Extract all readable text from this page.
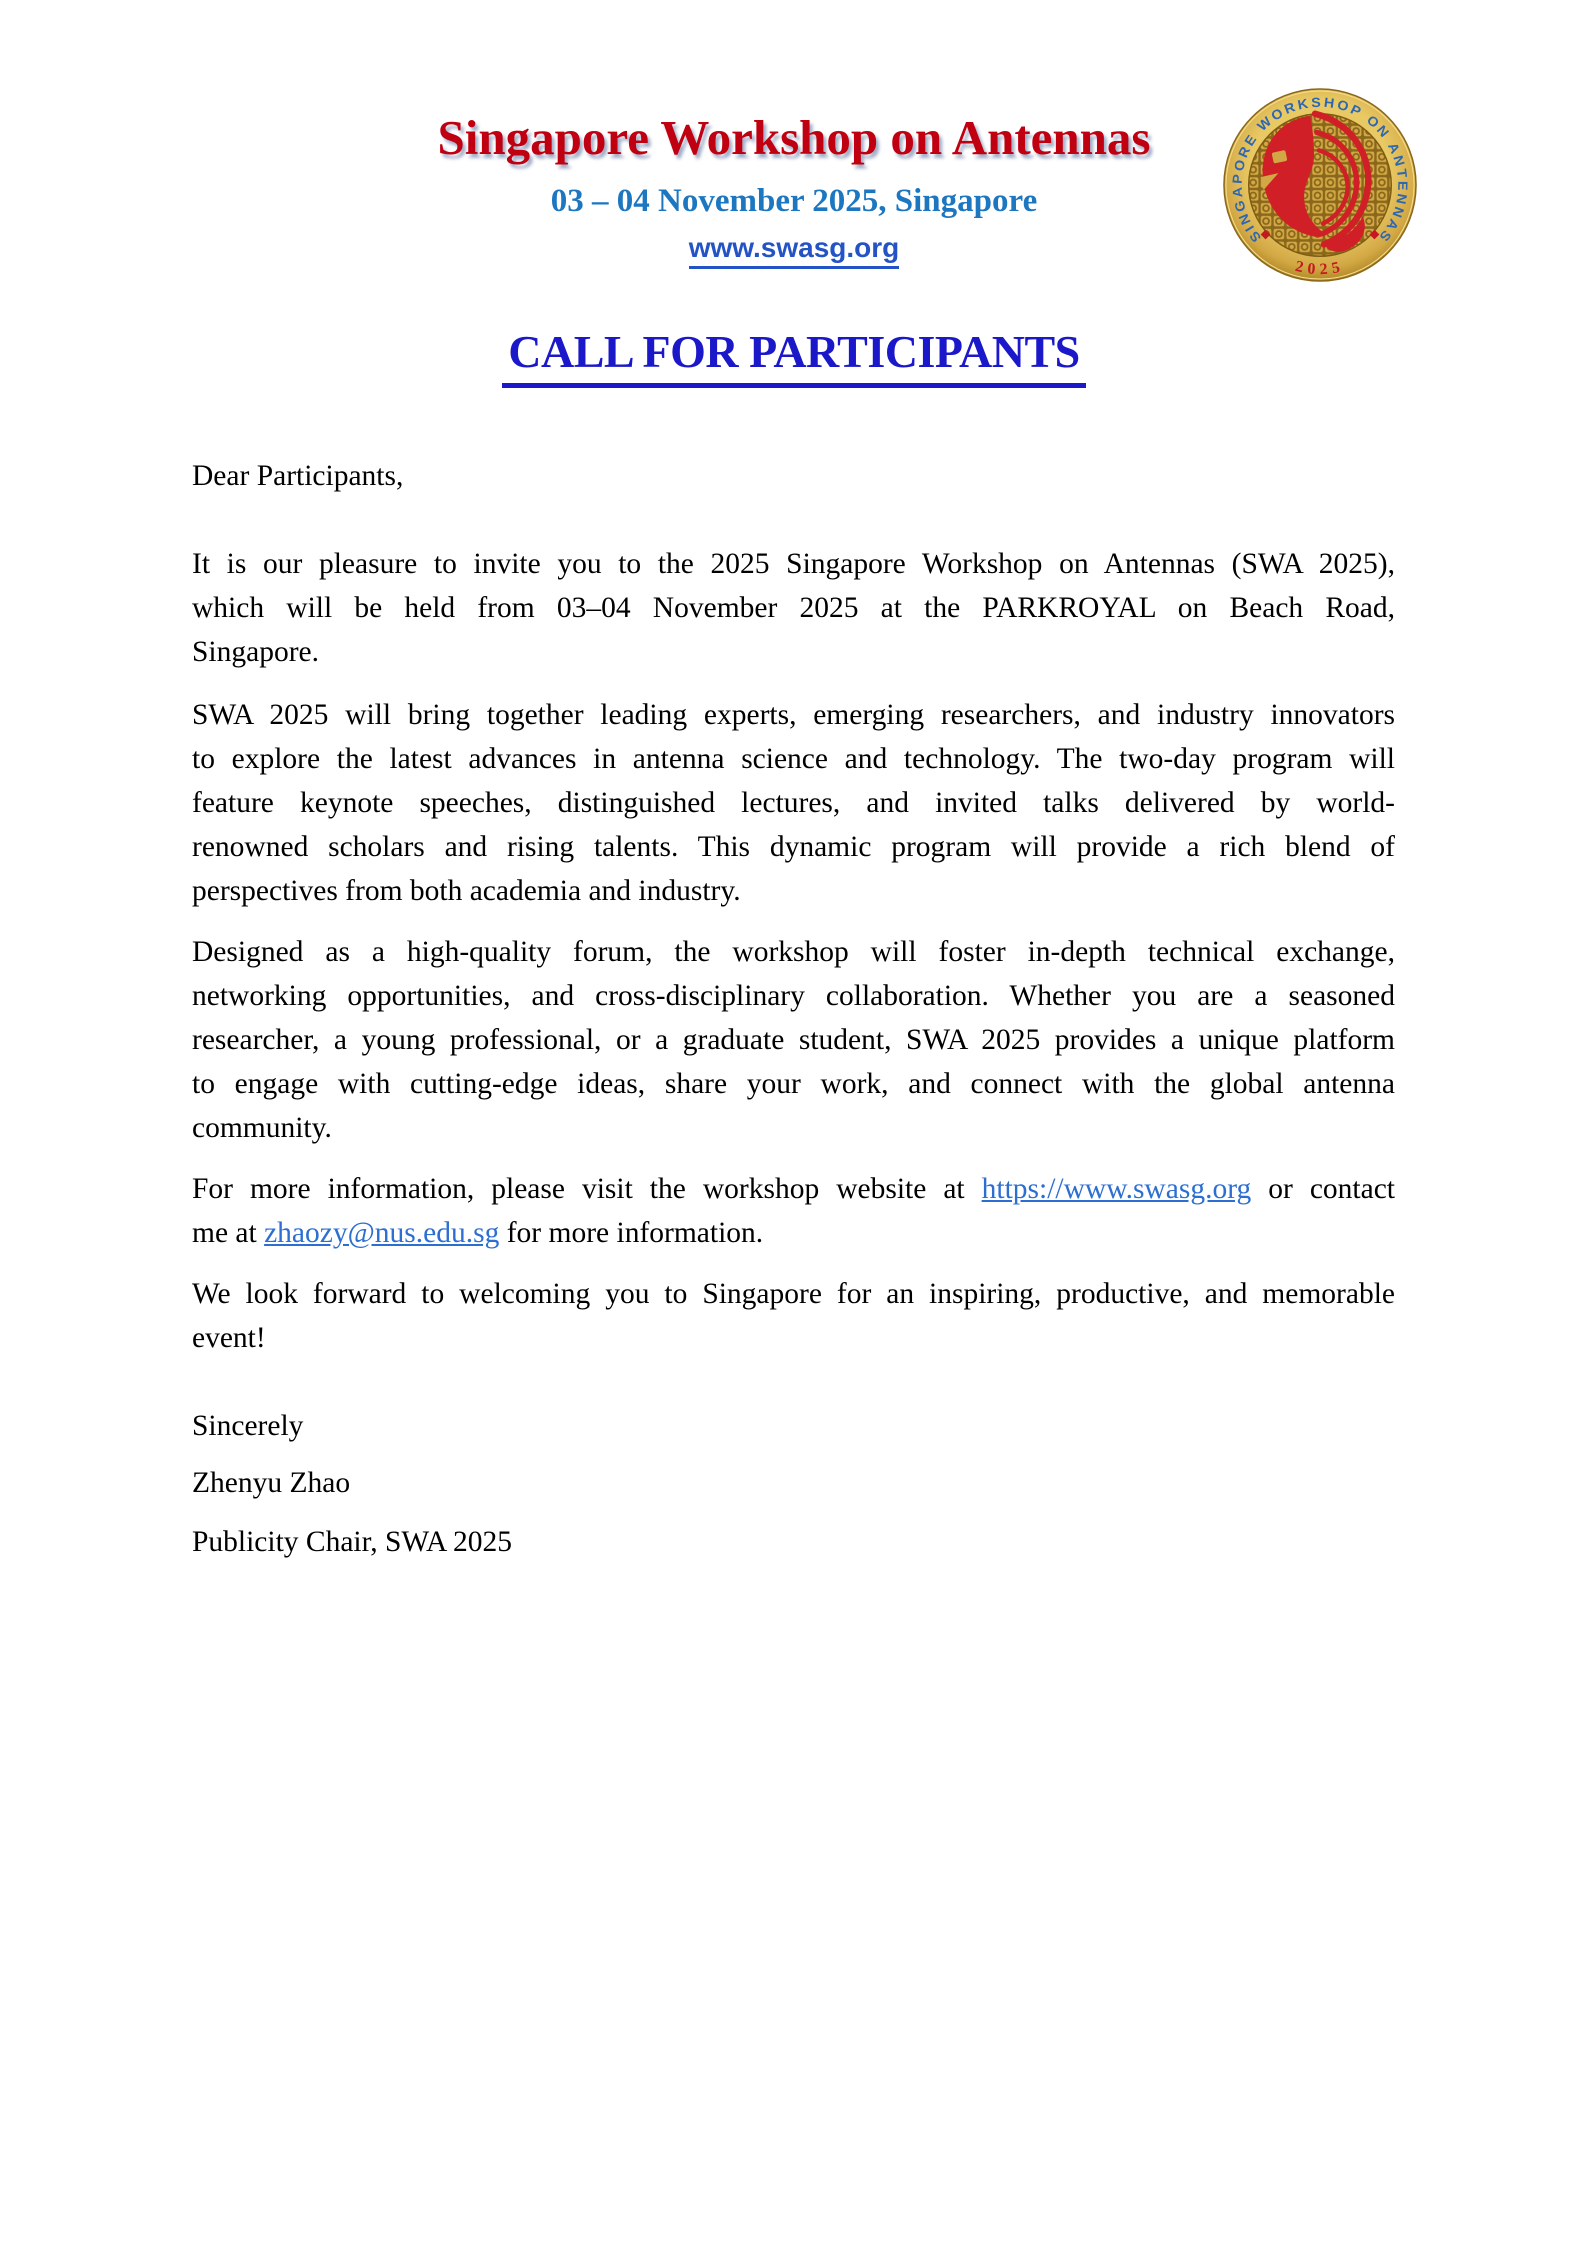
Singapore Workshop on Antennas
03 – 04 November 2025, Singapore
www.swasg.org	SINGAPORE WORKSHOP ON ANTENNAS
2025
CALL FOR PARTICIPANTS
Dear Participants,
It is our pleasure to invite you to the 2025 Singapore Workshop on Antennas (SWA 2025),
which will be held from 03–04 November 2025 at the PARKROYAL on Beach Road,
Singapore.
SWA 2025 will bring together leading experts, emerging researchers, and industry innovators
to explore the latest advances in antenna science and technology. The two-day program will
feature keynote speeches, distinguished lectures, and invited talks delivered by world-
renowned scholars and rising talents. This dynamic program will provide a rich blend of
perspectives from both academia and industry.
Designed as a high-quality forum, the workshop will foster in-depth technical exchange,
networking opportunities, and cross-disciplinary collaboration. Whether you are a seasoned
researcher, a young professional, or a graduate student, SWA 2025 provides a unique platform
to engage with cutting-edge ideas, share your work, and connect with the global antenna
community.
For more information, please visit the workshop website at https://www.swasg.org or contact
me at zhaozy@nus.edu.sg for more information.
We look forward to welcoming you to Singapore for an inspiring, productive, and memorable
event!
Sincerely
Zhenyu Zhao
Publicity Chair, SWA 2025
